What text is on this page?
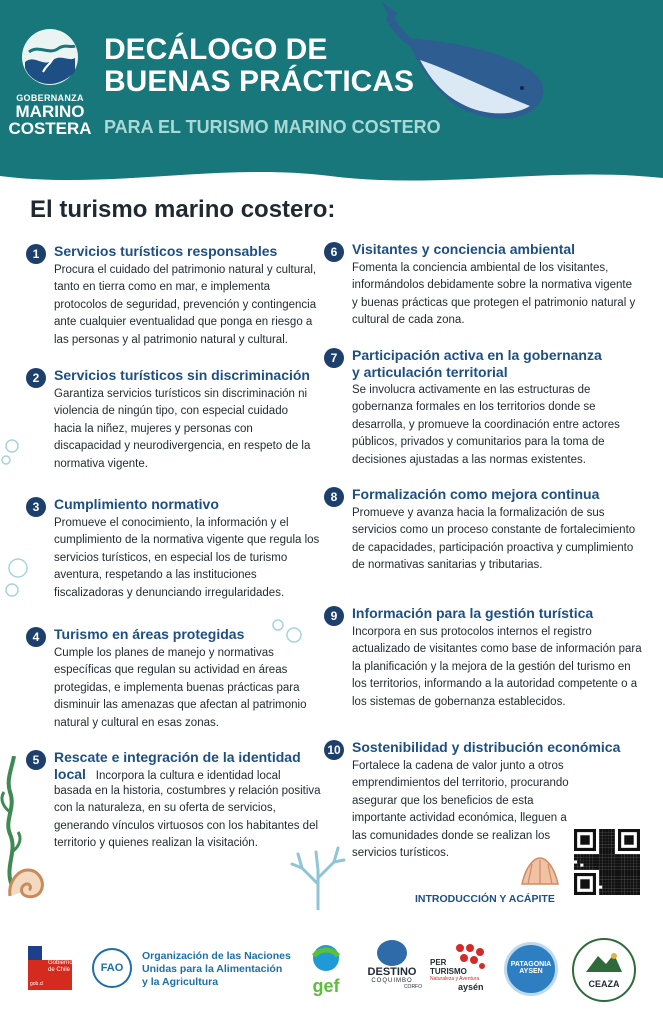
GOBERNANZA
MARINO
COSTERA
DECÁLOGO DE
BUENAS PRÁCTICAS
PARA EL TURISMO MARINO COSTERO
El turismo marino costero:
1	Servicios turísticos responsables
Procura el cuidado del patrimonio natural y cultural, tanto en tierra como en mar, e implementa protocolos de seguridad, prevención y contingencia ante cualquier eventualidad que ponga en riesgo a las personas y al patrimonio natural y cultural.
2	Servicios turísticos sin discriminación
Garantiza servicios turísticos sin discriminación ni violencia de ningún tipo, con especial cuidado hacia la niñez, mujeres y personas con discapacidad y neurodivergencia, en respeto de la normativa vigente.
3	Cumplimiento normativo
Promueve el conocimiento, la información y el cumplimiento de la normativa vigente que regula los servicios turísticos, en especial los de turismo aventura, respetando a las instituciones fiscalizadoras y denunciando irregularidades.
4	Turismo en áreas protegidas
Cumple los planes de manejo y normativas específicas que regulan su actividad en áreas protegidas, e implementa buenas prácticas para disminuir las amenazas que afectan al patrimonio natural y cultural en esas zonas.
5	Rescate e integración de la identidad
local Incorpora la cultura e identidad local
basada en la historia, costumbres y relación positiva con la naturaleza, en su oferta de servicios, generando vínculos virtuosos con los habitantes del territorio y quienes realizan la visitación.
6	Visitantes y conciencia ambiental
Fomenta la conciencia ambiental de los visitantes, informándolos debidamente sobre la normativa vigente y buenas prácticas que protegen el patrimonio natural y cultural de cada zona.
7	Participación activa en la gobernanza
y articulación territorial
Se involucra activamente en las estructuras de gobernanza formales en los territorios donde se desarrolla, y promueve la coordinación entre actores públicos, privados y comunitarios para la toma de decisiones ajustadas a las normas existentes.
8	Formalización como mejora continua
Promueve y avanza hacia la formalización de sus servicios como un proceso constante de fortalecimiento de capacidades, participación proactiva y cumplimiento de normativas sanitarias y tributarias.
9	Información para la gestión turística
Incorpora en sus protocolos internos el registro actualizado de visitantes como base de información para la planificación y la mejora de la gestión del turismo en los territorios, informando a la autoridad competente o a los sistemas de gobernanza establecidos.
10 Sostenibilidad y distribución económica
Fortalece la cadena de valor junto a otros emprendimientos del territorio, procurando asegurar que los beneficios de esta importante actividad económica, lleguen a las comunidades donde se realizan los servicios turísticos.
INTRODUCCIÓN Y ACÁPITE
Gobierno
de Chile
gob.cl
FAO
Organización de las Naciones
Unidas para la Alimentación
y la Agricultura	gef
DESTINO
COQUIMBO
CORFO
PER
TURISMO
Naturaleza y Aventura
aysén
PATAGONIA
AYSEN
CEAZA
